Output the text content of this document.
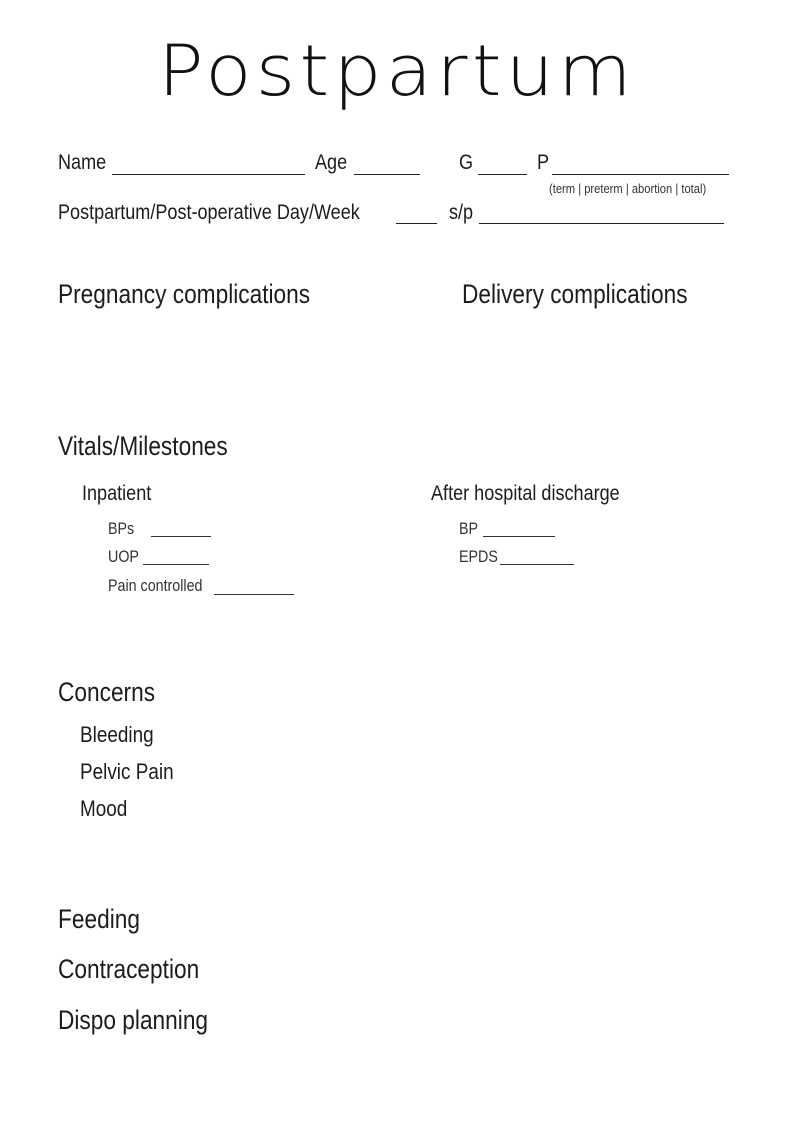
Postpartum
Name	Age	G	P
(term | preterm | abortion | total)
Postpartum/Post-operative Day/Week	s/p
Pregnancy complications	Delivery complications
Vitals/Milestones
Inpatient
BPs
UOP
Pain controlled
After hospital discharge
BP
EPDS
Concerns
Bleeding
Pelvic Pain
Mood
Feeding
Contraception
Dispo planning
